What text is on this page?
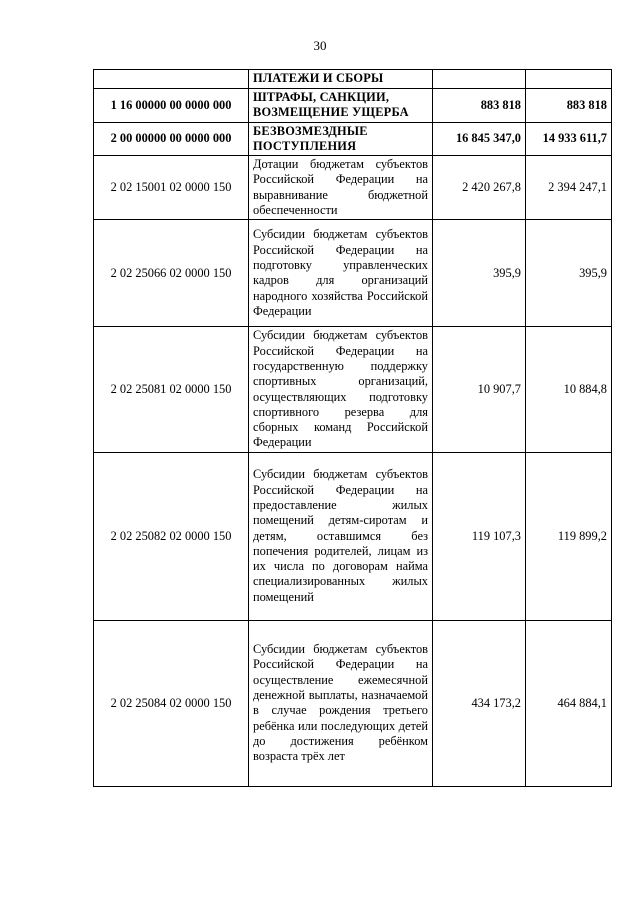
30
	ПЛАТЕЖИ И СБОРЫ		
1 16 00000 00 0000 000	ШТРАФЫ, САНКЦИИ, ВОЗМЕЩЕНИЕ УЩЕРБА	883 818	883 818
2 00 00000 00 0000 000	БЕЗВОЗМЕЗДНЫЕ ПОСТУПЛЕНИЯ	16 845 347,0	14 933 611,7
2 02 15001 02 0000 150	Дотации бюджетам субъектов Российской Федерации на выравнивание бюджетной обеспеченности	2 420 267,8	2 394 247,1
2 02 25066 02 0000 150	Субсидии бюджетам субъектов Российской Федерации на подготовку управленческих кадров для организаций народного хозяйства Российской Федерации	395,9	395,9
2 02 25081 02 0000 150	Субсидии бюджетам субъектов Российской Федерации на государственную поддержку спортивных организаций, осуществляющих подготовку спортивного резерва для сборных команд Российской Федерации	10 907,7	10 884,8
2 02 25082 02 0000 150	Субсидии бюджетам субъектов Российской Федерации на предоставление жилых помещений детям-сиротам и детям, оставшимся без попечения родителей, лицам из их числа по договорам найма специализированных жилых помещений	119 107,3	119 899,2
2 02 25084 02 0000 150	Субсидии бюджетам субъектов Российской Федерации на осуществление ежемесячной денежной выплаты, назначаемой в случае рождения третьего ребёнка или последующих детей до достижения ребёнком возраста трёх лет	434 173,2	464 884,1
